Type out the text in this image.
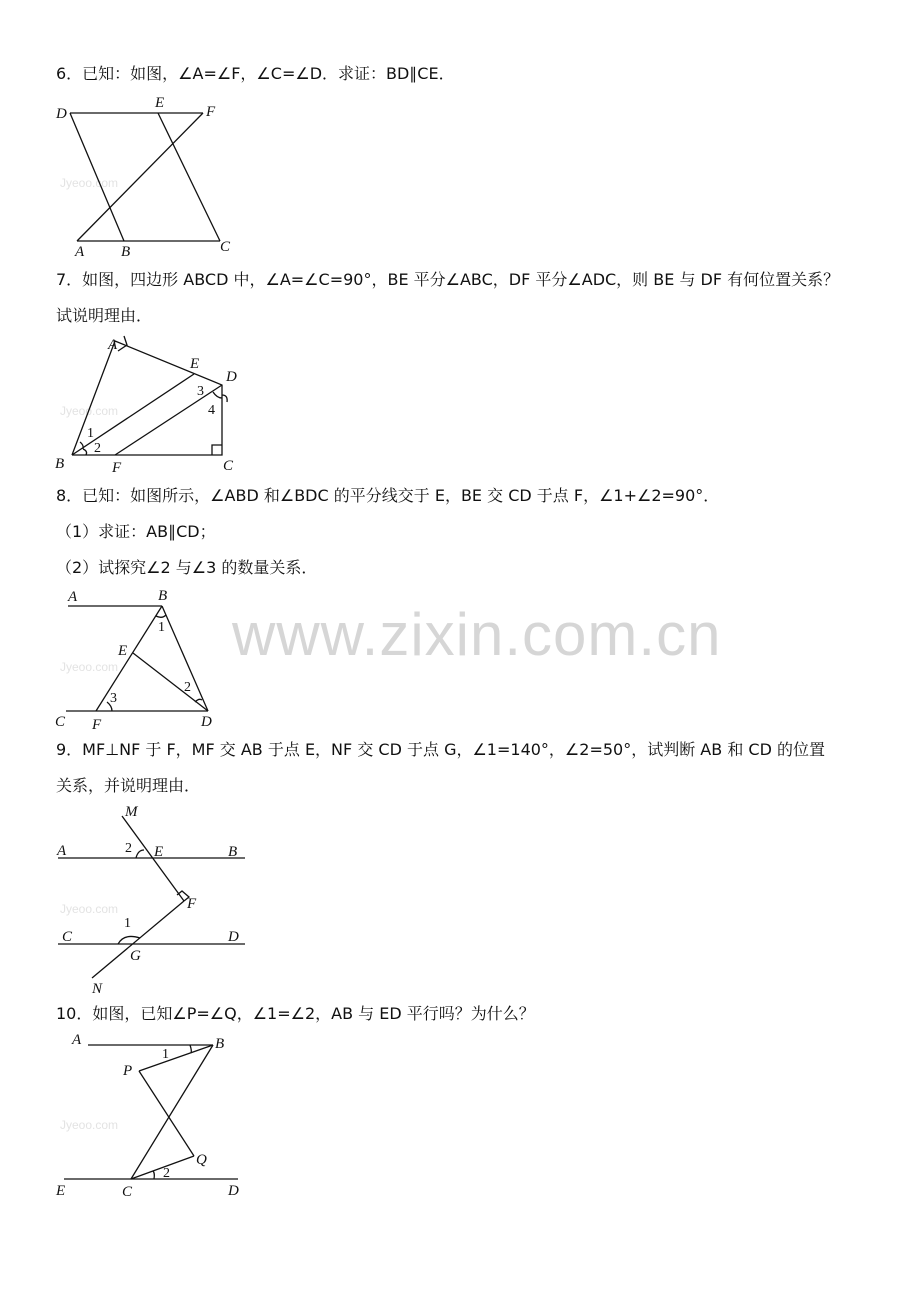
www.zixin.com.cn
Jyeoo.com
Jyeoo.com
Jyeoo.com
Jyeoo.com
Jyeoo.com
6．已知：如图，∠A=∠F，∠C=∠D．求证：BD∥CE．
D
E
F
A B	C
7．如图，四边形 ABCD 中，∠A=∠C=90°，BE 平分∠ABC，DF 平分∠ADC，则 BE 与 DF 有何位置关系？
试说明理由．
A
E
D
B	F	C
1
2
3
4
8．已知：如图所示，∠ABD 和∠BDC 的平分线交于 E，BE 交 CD 于点 F，∠1+∠2=90°．
（1）求证：AB∥CD；
（2）试探究∠2 与∠3 的数量关系．
A	B
E
C F	D
1
2
3
9．MF⊥NF 于 F，MF 交 AB 于点 E，NF 交 CD 于点 G，∠1=140°，∠2=50°，试判断 AB 和 CD 的位置
关系，并说明理由．
M
A	E	B
F
C	D
G
N
2
1
10．如图，已知∠P=∠Q，∠1=∠2，AB 与 ED 平行吗？为什么？
A	B
P
Q
E	C	D
1
2
